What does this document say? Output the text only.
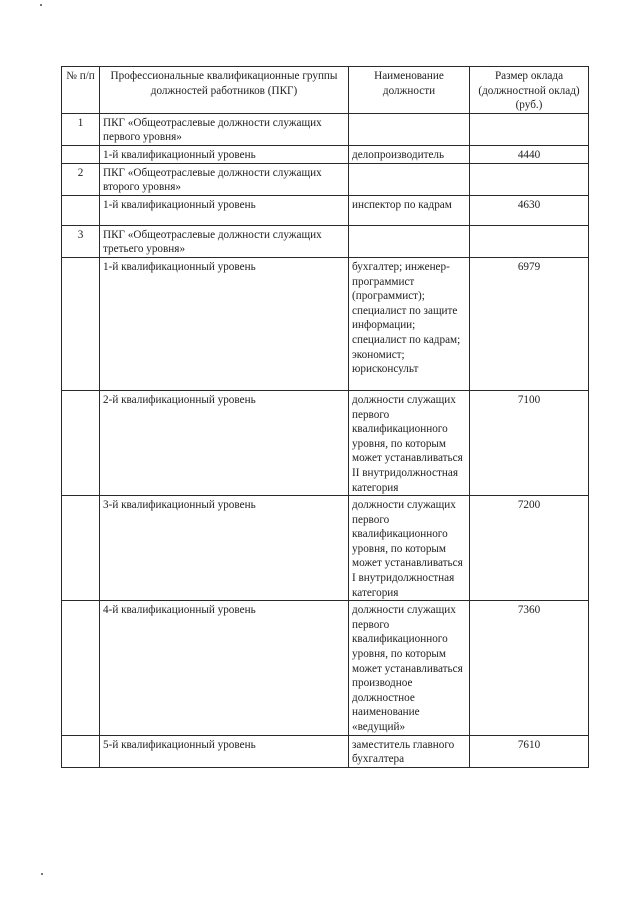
№ п/п	Профессиональные квалификационные группы должностей работников (ПКГ)	Наименование должности	Размер оклада (должностной оклад) (руб.)
1	ПКГ «Общеотраслевые должности служащих первого уровня»		
	1-й квалификационный уровень	делопроизводитель	4440
2	ПКГ «Общеотраслевые должности служащих второго уровня»		
	1-й квалификационный уровень	инспектор по кадрам	4630
3	ПКГ «Общеотраслевые должности служащих третьего уровня»		
	1-й квалификационный уровень	бухгалтер; инженер-программист (программист); специалист по защите информации; специалист по кадрам; экономист; юрисконсульт	6979
	2-й квалификационный уровень	должности служащих первого квалификационного уровня, по которым может устанавливаться II внутридолжностная категория	7100
	3-й квалификационный уровень	должности служащих первого квалификационного уровня, по которым может устанавливаться I внутридолжностная категория	7200
	4-й квалификационный уровень	должности служащих первого квалификационного уровня, по которым может устанавливаться производное должностное наименование «ведущий»	7360
	5-й квалификационный уровень	заместитель главного бухгалтера	7610
